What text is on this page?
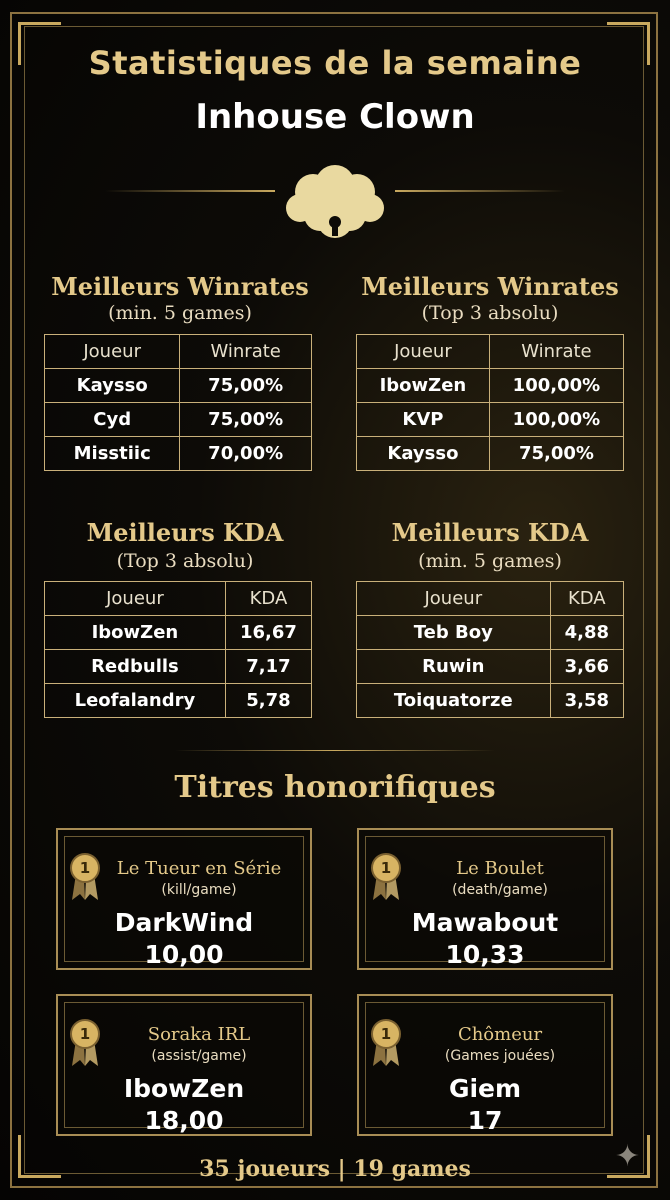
Statistiques de la semaine
Inhouse Clown
Meilleurs Winrates
(min. 5 games)
Joueur	Winrate
Kaysso	75,00%
Cyd	75,00%
Misstiic	70,00%
Meilleurs Winrates
(Top 3 absolu)
Joueur	Winrate
IbowZen	100,00%
KVP	100,00%
Kaysso	75,00%
Meilleurs KDA
(Top 3 absolu)
Joueur	KDA
IbowZen	16,67
Redbulls	7,17
Leofalandry	5,78
Meilleurs KDA
(min. 5 games)
Joueur	KDA
Teb Boy	4,88
Ruwin	3,66
Toiquatorze	3,58
Titres honorifiques
1	Le Tueur en Série
(kill/game)
DarkWind
10,00
1	Le Boulet
(death/game)
Mawabout
10,33
1	Soraka IRL
(assist/game)
IbowZen
18,00
1	Chômeur
(Games jouées)
Giem
17
35 joueurs | 19 games	✦
